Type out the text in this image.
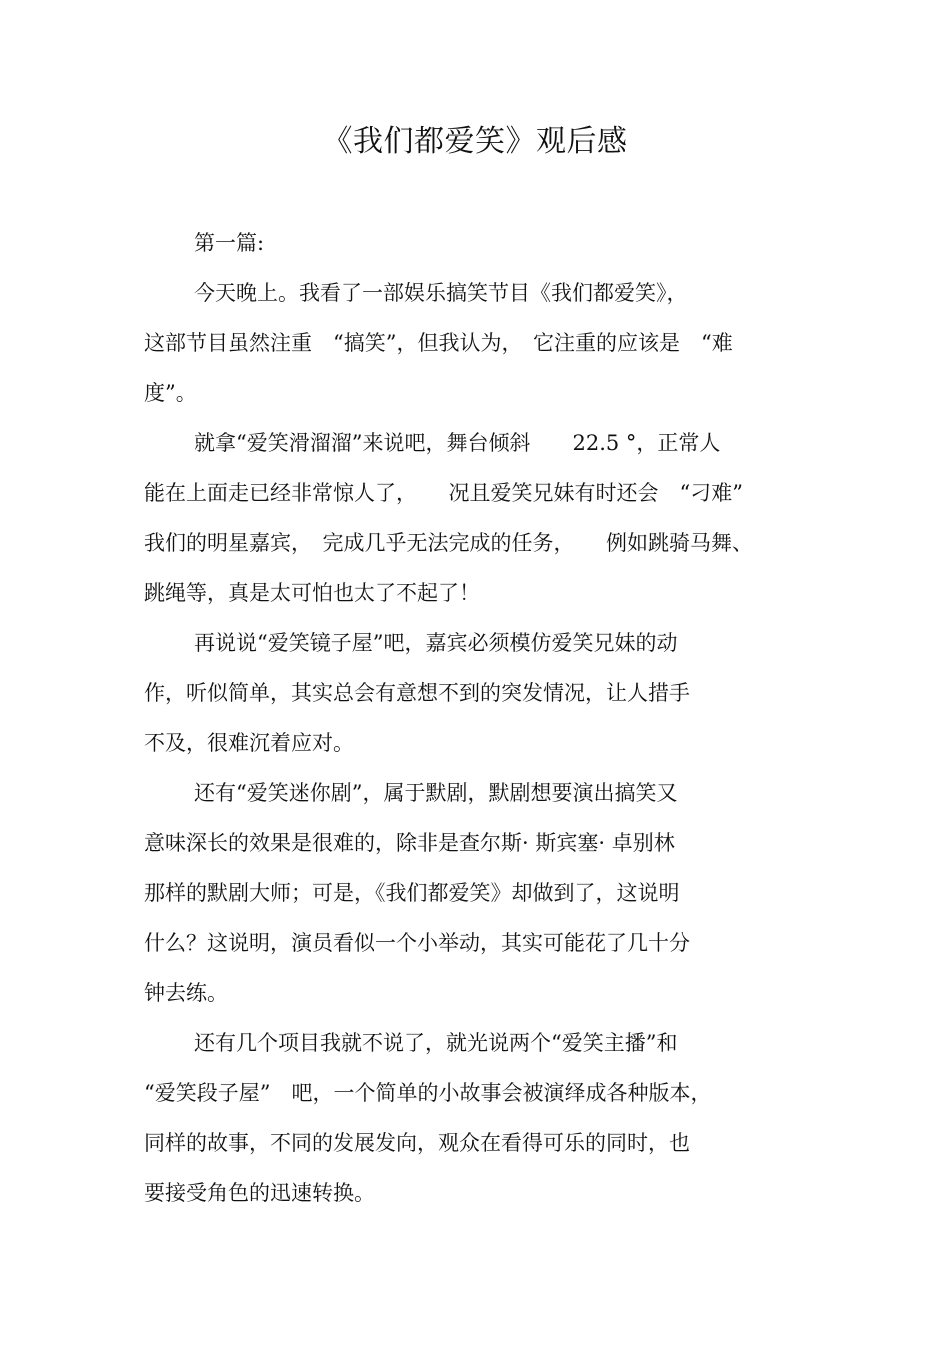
《我们都爱笑》观后感
第一篇:
今天晚上。我看了一部娱乐搞笑节目《我们都爱笑》，
这部节目虽然注重　“搞笑”，但我认为，　它注重的应该是　“难
度”。
就拿“爱笑滑溜溜”来说吧，舞台倾斜　　22.5 °，正常人
能在上面走已经非常惊人了，　　况且爱笑兄妹有时还会　“刁难”
我们的明星嘉宾，　完成几乎无法完成的任务，　　例如跳骑马舞、
跳绳等，真是太可怕也太了不起了！
再说说“爱笑镜子屋”吧，嘉宾必须模仿爱笑兄妹的动
作，听似简单，其实总会有意想不到的突发情况，让人措手
不及，很难沉着应对。
还有“爱笑迷你剧”，属于默剧，默剧想要演出搞笑又
意味深长的效果是很难的，除非是查尔斯· 斯宾塞· 卓别林
那样的默剧大师；可是，《我们都爱笑》却做到了，这说明
什么？这说明，演员看似一个小举动，其实可能花了几十分
钟去练。
还有几个项目我就不说了，就光说两个“爱笑主播”和
“爱笑段子屋”　吧，一个简单的小故事会被演绎成各种版本，
同样的故事，不同的发展发向，观众在看得可乐的同时，也
要接受角色的迅速转换。
